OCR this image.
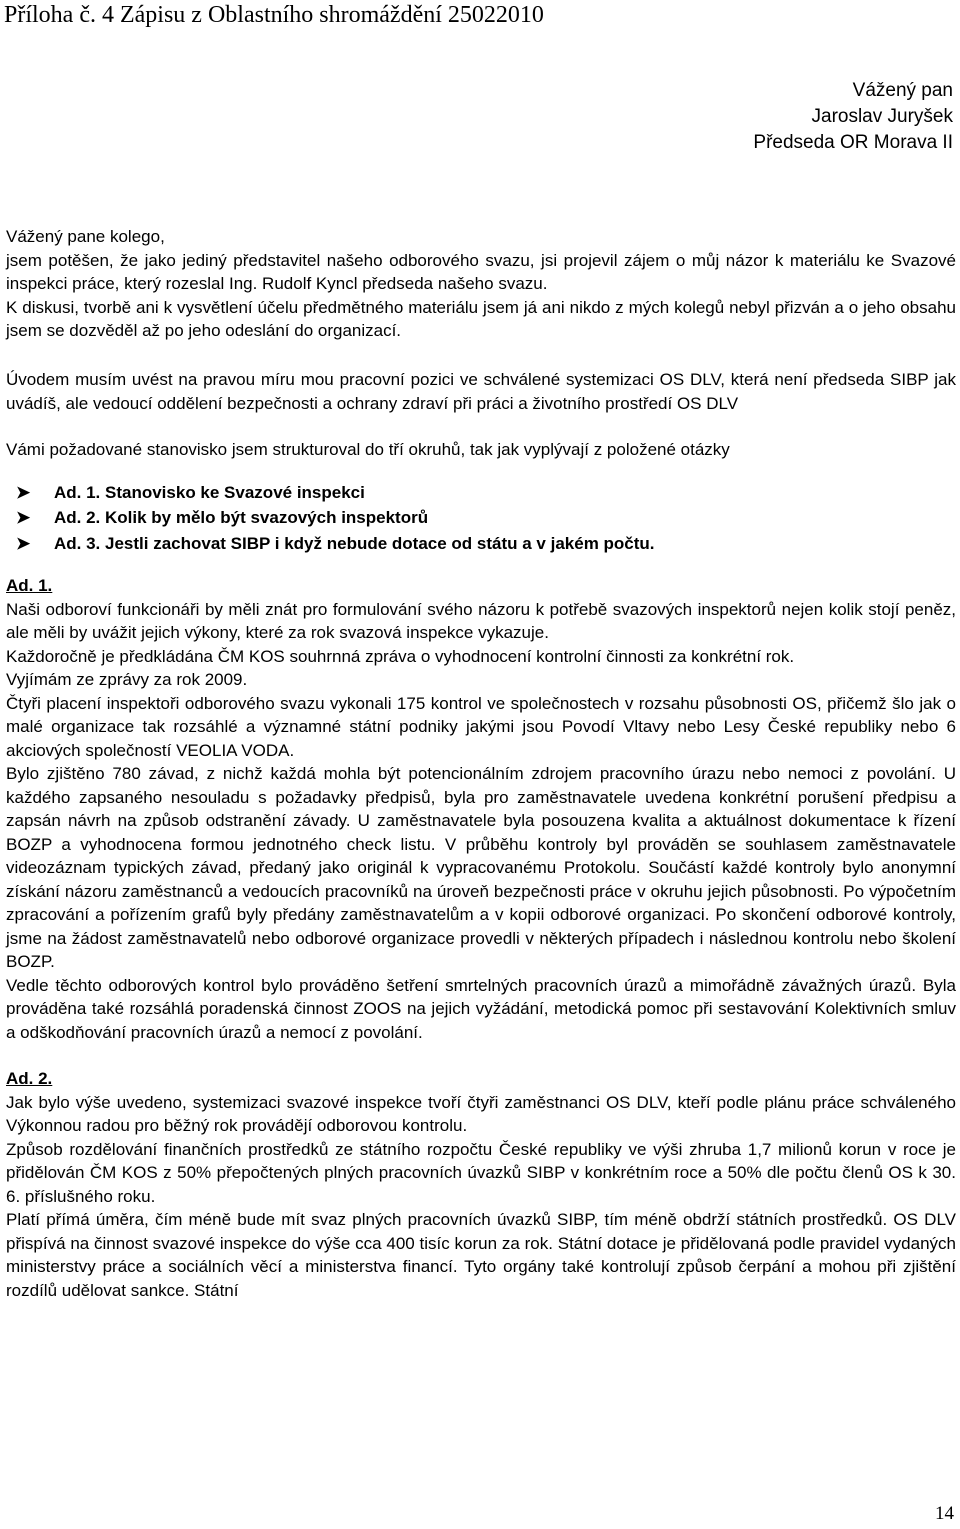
Příloha č. 4 Zápisu z Oblastního shromáždění 25022010
Vážený pan
Jaroslav Juryšek
Předseda OR Morava II

Vážený pane kolego,

jsem potěšen, že jako jediný představitel našeho odborového svazu, jsi projevil zájem o můj názor k materiálu ke Svazové inspekci práce, který rozeslal Ing. Rudolf Kyncl předseda našeho svazu.

K diskusi, tvorbě ani k vysvětlení účelu předmětného materiálu jsem já ani nikdo z mých kolegů nebyl přizván a o jeho obsahu jsem se dozvěděl až po jeho odeslání do organizací.

Úvodem musím uvést na pravou míru mou pracovní pozici ve schválené systemizaci OS DLV, která není předseda SIBP jak uvádíš, ale vedoucí oddělení bezpečnosti a ochrany zdraví při práci a životního prostředí OS DLV

Vámi požadované stanovisko jsem strukturoval do tří okruhů, tak jak vyplývají z položené otázky

➤	Ad. 1. Stanovisko ke Svazové inspekci
➤	Ad. 2. Kolik by mělo být svazových inspektorů
➤	Ad. 3. Jestli zachovat SIBP i když nebude dotace od státu a v jakém počtu.

Ad. 1.

Naši odboroví funkcionáři by měli znát pro formulování svého názoru k potřebě svazových inspektorů nejen kolik stojí peněz, ale měli by uvážit jejich výkony, které za rok svazová inspekce vykazuje.

Každoročně je předkládána ČM KOS souhrnná zpráva o vyhodnocení kontrolní činnosti za konkrétní rok.

Vyjímám ze zprávy za rok 2009.

Čtyři placení inspektoři odborového svazu vykonali 175 kontrol ve společnostech v rozsahu působnosti OS, přičemž šlo jak o malé organizace tak rozsáhlé a významné státní podniky jakými jsou Povodí Vltavy nebo Lesy České republiky nebo 6 akciových společností VEOLIA VODA.

Bylo zjištěno 780 závad, z nichž každá mohla být potencionálním zdrojem pracovního úrazu nebo nemoci z povolání. U každého zapsaného nesouladu s požadavky předpisů, byla pro zaměstnavatele uvedena konkrétní porušení předpisu a zapsán návrh na způsob odstranění závady. U zaměstnavatele byla posouzena kvalita a aktuálnost dokumentace k řízení BOZP a vyhodnocena formou jednotného check listu. V průběhu kontroly byl prováděn se souhlasem zaměstnavatele videozáznam typických závad, předaný jako originál k vypracovanému Protokolu. Součástí každé kontroly bylo anonymní získání názoru zaměstnanců a vedoucích pracovníků na úroveň bezpečnosti práce v okruhu jejich působnosti. Po výpočetním zpracování a pořízením grafů byly předány zaměstnavatelům a v kopii odborové organizaci. Po skončení odborové kontroly, jsme na žádost zaměstnavatelů nebo odborové organizace provedli v některých případech i následnou kontrolu nebo školení BOZP.

Vedle těchto odborových kontrol bylo prováděno šetření smrtelných pracovních úrazů a mimořádně závažných úrazů. Byla prováděna také rozsáhlá poradenská činnost ZOOS na jejich vyžádání, metodická pomoc při sestavování Kolektivních smluv a odškodňování pracovních úrazů a nemocí z povolání.

Ad. 2.

Jak bylo výše uvedeno, systemizaci svazové inspekce tvoří čtyři zaměstnanci OS DLV, kteří podle plánu práce schváleného Výkonnou radou pro běžný rok provádějí odborovou kontrolu.

Způsob rozdělování finančních prostředků ze státního rozpočtu České republiky ve výši zhruba 1,7 milionů korun v roce je přidělován ČM KOS z 50% přepočtených plných pracovních úvazků SIBP v konkrétním roce a 50% dle počtu členů OS k 30. 6. příslušného roku.

Platí přímá úměra, čím méně bude mít svaz plných pracovních úvazků SIBP, tím méně obdrží státních prostředků. OS DLV přispívá na činnost svazové inspekce do výše cca 400 tisíc korun za rok. Státní dotace je přidělovaná podle pravidel vydaných ministerstvy práce a sociálních věcí a ministerstva financí. Tyto orgány také kontrolují způsob čerpání a mohou při zjištění rozdílů udělovat sankce. Státní

14
